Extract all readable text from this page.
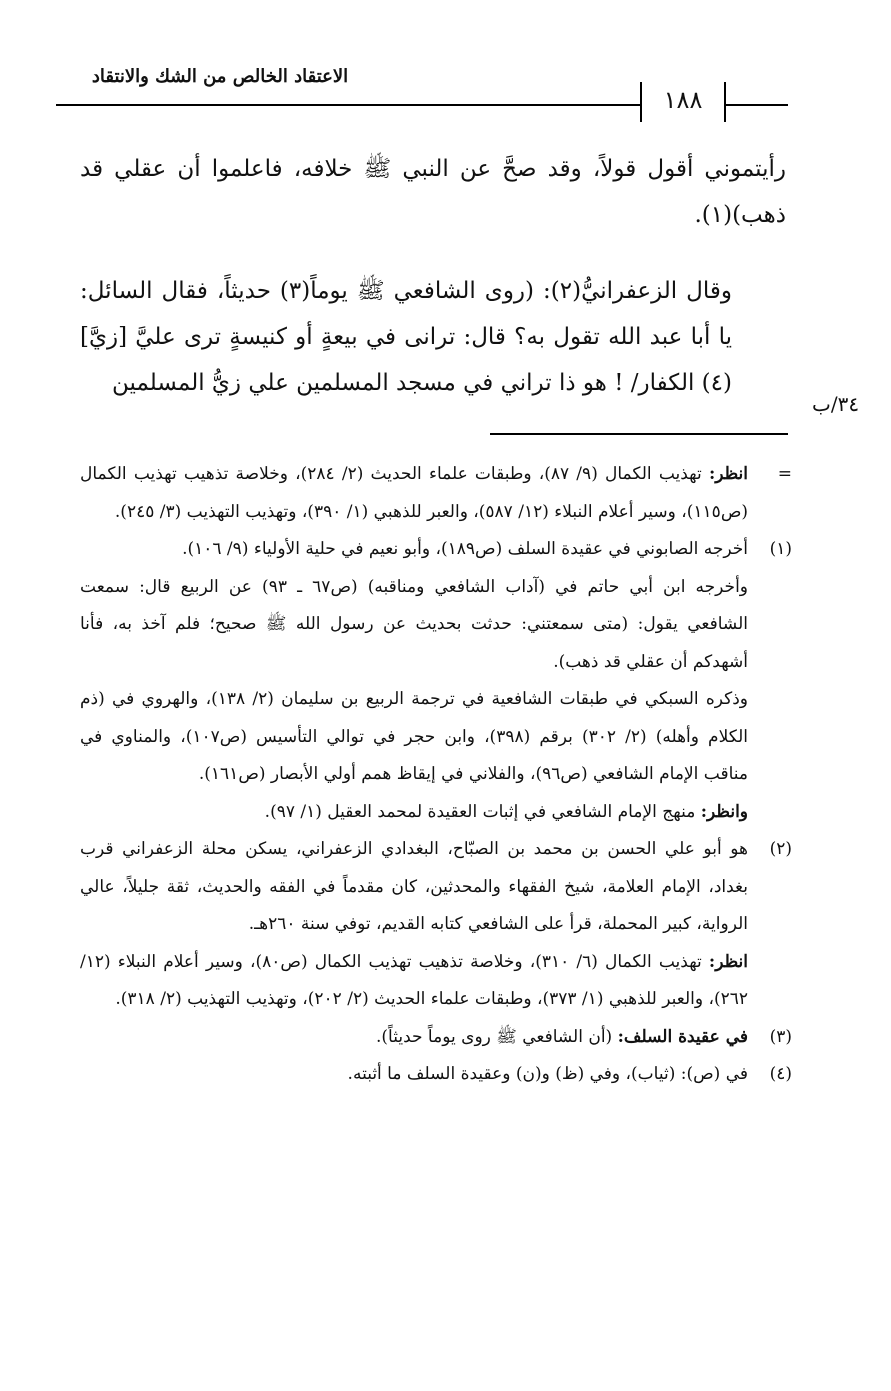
الاعتقاد الخالص من الشك والانتقاد
١٨٨

رأيتموني أقول قولاً، وقد صحَّ عن النبي ﷺ خلافه، فاعلموا أن عقلي قد ذهب)(١).

وقال الزعفرانيُّ(٢): (روى الشافعي ﷺ يوماً(٣) حديثاً، فقال السائل: يا أبا عبد الله تقول به؟ قال: ترانى في بيعةٍ أو كنيسةٍ ترى عليَّ [زيَّ](٤) الكفار/ ! هو ذا تراني في مسجد المسلمين علي زيُّ المسلمين

٣٤/ب
=

انظر: تهذيب الكمال (٩/ ٨٧)، وطبقات علماء الحديث (٢/ ٢٨٤)، وخلاصة تذهيب تهذيب الكمال (ص١١٥)، وسير أعلام النبلاء (١٢/ ٥٨٧)، والعبر للذهبي (١/ ٣٩٠)، وتهذيب التهذيب (٣/ ٢٤٥).

(١)

أخرجه الصابوني في عقيدة السلف (ص١٨٩)، وأبو نعيم في حلية الأولياء (٩/ ١٠٦).

وأخرجه ابن أبي حاتم في (آداب الشافعي ومناقبه) (ص٦٧ ـ ٩٣) عن الربيع قال: سمعت الشافعي يقول: (متى سمعتني: حدثت بحديث عن رسول الله ﷺ صحيح؛ فلم آخذ به، فأنا أشهدكم أن عقلي قد ذهب).

وذكره السبكي في طبقات الشافعية في ترجمة الربيع بن سليمان (٢/ ١٣٨)، والهروي في (ذم الكلام وأهله) (٢/ ٣٠٢) برقم (٣٩٨)، وابن حجر في توالي التأسيس (ص١٠٧)، والمناوي في مناقب الإمام الشافعي (ص٩٦)، والفلاني في إيقاظ همم أولي الأبصار (ص١٦١).

وانظر: منهج الإمام الشافعي في إثبات العقيدة لمحمد العقيل (١/ ٩٧).

(٢)

هو أبو علي الحسن بن محمد بن الصبّاح، البغدادي الزعفراني، يسكن محلة الزعفراني قرب بغداد، الإمام العلامة، شيخ الفقهاء والمحدثين، كان مقدماً في الفقه والحديث، ثقة جليلاً، عالي الرواية، كبير المحملة، قرأ على الشافعي كتابه القديم، توفي سنة ٢٦٠هـ.

انظر: تهذيب الكمال (٦/ ٣١٠)، وخلاصة تذهيب تهذيب الكمال (ص٨٠)، وسير أعلام النبلاء (١٢/ ٢٦٢)، والعبر للذهبي (١/ ٣٧٣)، وطبقات علماء الحديث (٢/ ٢٠٢)، وتهذيب التهذيب (٢/ ٣١٨).

(٣)

في عقيدة السلف: (أن الشافعي ﷺ روى يوماً حديثاً).

(٤)

في (ص): (ثياب)، وفي (ظ) و(ن) وعقيدة السلف ما أثبته.
